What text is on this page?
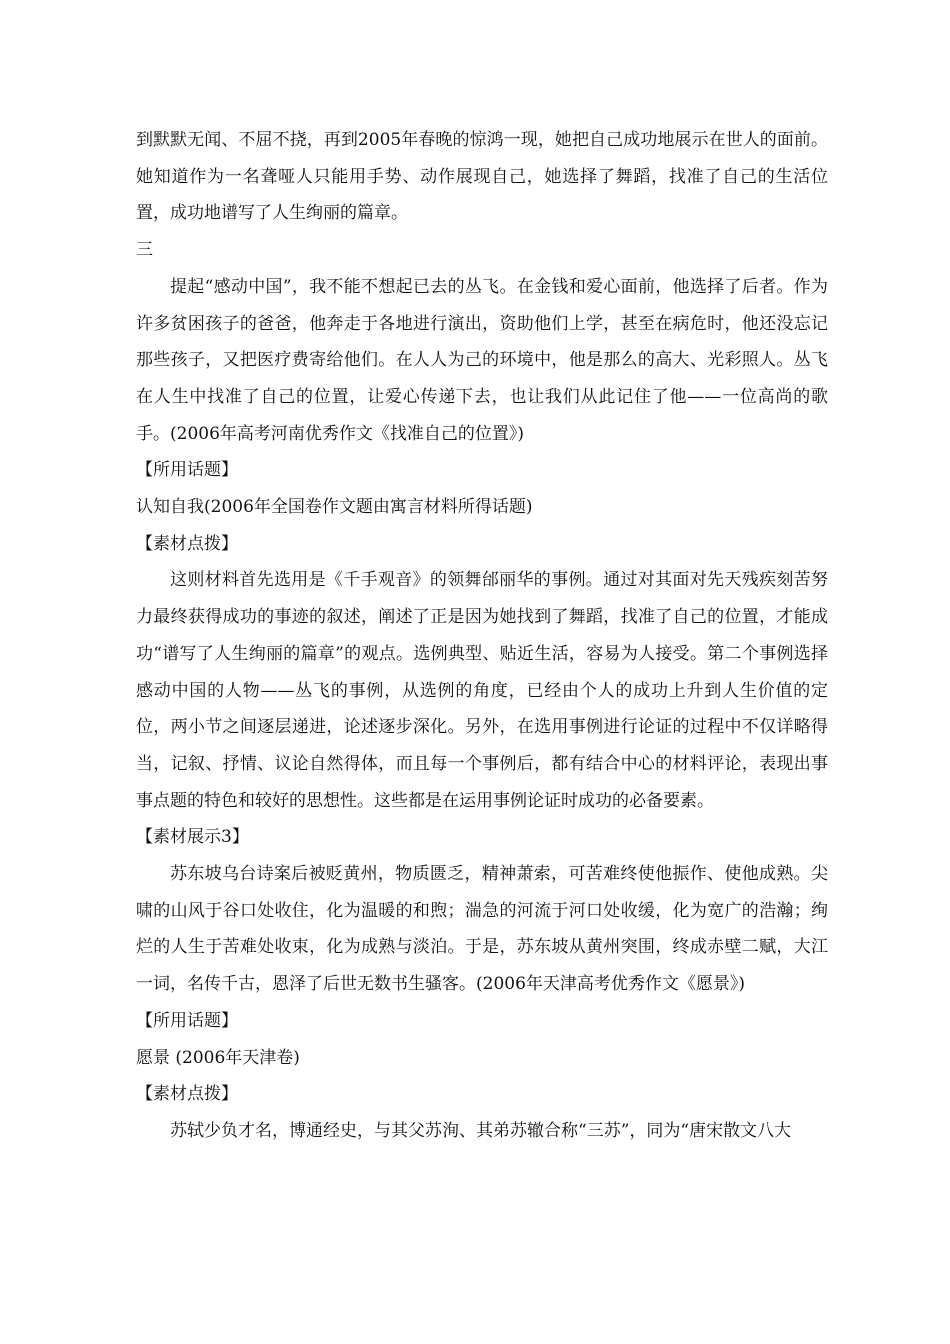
到默默无闻、不屈不挠，再到2005年春晚的惊鸿一现，她把自己成功地展示在世人的面前。她知道作为一名聋哑人只能用手势、动作展现自己，她选择了舞蹈，找准了自己的生活位置，成功地谱写了人生绚丽的篇章。

三

提起“感动中国”，我不能不想起已去的丛飞。在金钱和爱心面前，他选择了后者。作为许多贫困孩子的爸爸，他奔走于各地进行演出，资助他们上学，甚至在病危时，他还没忘记那些孩子，又把医疗费寄给他们。在人人为己的环境中，他是那么的高大、光彩照人。丛飞在人生中找准了自己的位置，让爱心传递下去，也让我们从此记住了他——一位高尚的歌手。(2006年高考河南优秀作文《找准自己的位置》)

【所用话题】

认知自我(2006年全国卷作文题由寓言材料所得话题)

【素材点拨】

这则材料首先选用是《千手观音》的领舞邰丽华的事例。通过对其面对先天残疾刻苦努力最终获得成功的事迹的叙述，阐述了正是因为她找到了舞蹈，找准了自己的位置，才能成功“谱写了人生绚丽的篇章”的观点。选例典型、贴近生活，容易为人接受。第二个事例选择感动中国的人物——丛飞的事例，从选例的角度，已经由个人的成功上升到人生价值的定位，两小节之间逐层递进，论述逐步深化。另外，在选用事例进行论证的过程中不仅详略得当，记叙、抒情、议论自然得体，而且每一个事例后，都有结合中心的材料评论，表现出事事点题的特色和较好的思想性。这些都是在运用事例论证时成功的必备要素。

【素材展示3】

苏东坡乌台诗案后被贬黄州，物质匮乏，精神萧索，可苦难终使他振作、使他成熟。尖啸的山风于谷口处收住，化为温暖的和煦；湍急的河流于河口处收缓，化为宽广的浩瀚；绚烂的人生于苦难处收束，化为成熟与淡泊。于是，苏东坡从黄州突围，终成赤壁二赋，大江一词，名传千古，恩泽了后世无数书生骚客。(2006年天津高考优秀作文《愿景》)

【所用话题】

愿景 (2006年天津卷)

【素材点拨】

苏轼少负才名，博通经史，与其父苏洵、其弟苏辙合称“三苏”，同为“唐宋散文八大
